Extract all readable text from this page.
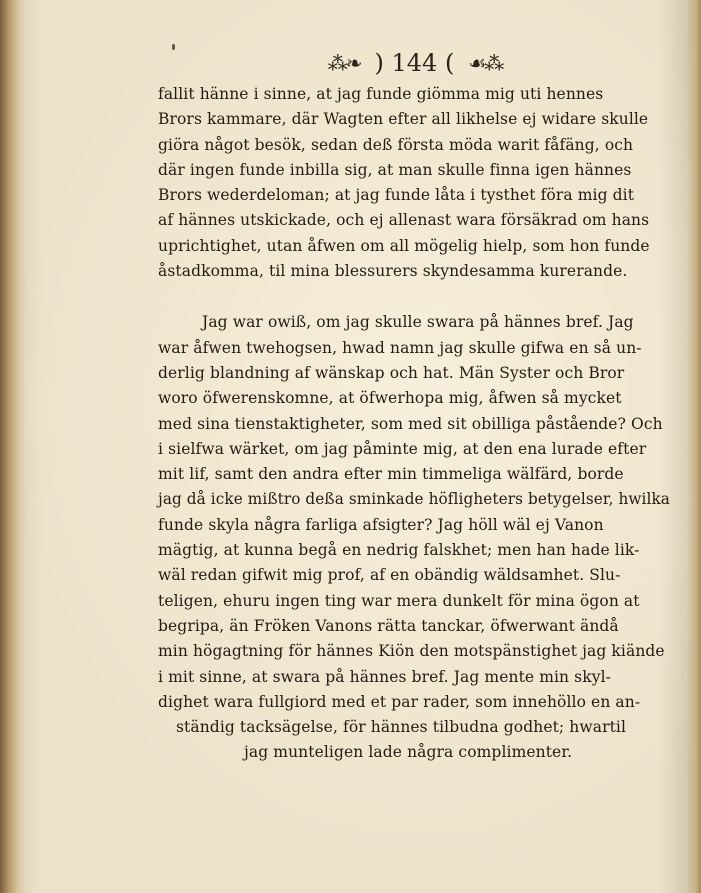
⁂❧ ) 144 ( ☙⁂
fallit hänne i sinne, at jag funde giömma mig uti hennes
Brors kammare, där Wagten efter all likhelse ej widare skulle
giöra något besök, sedan deß första möda warit fåfäng, och
där ingen funde inbilla sig, at man skulle finna igen hännes
Brors wederdeloman; at jag funde låta i tysthet föra mig dit
af hännes utskickade, och ej allenast wara försäkrad om hans
uprichtighet, utan åfwen om all mögelig hielp, som hon funde
åstadkomma, til mina blessurers skyndesamma kurerande.
Jag war owiß, om jag skulle swara på hännes bref. Jag
war åfwen twehogsen, hwad namn jag skulle gifwa en så un-
derlig blandning af wänskap och hat. Män Syster och Bror
woro öfwerenskomne, at öfwerhopa mig, åfwen så mycket
med sina tienstaktigheter, som med sit obilliga påstående? Och
i sielfwa wärket, om jag påminte mig, at den ena lurade efter
mit lif, samt den andra efter min timmeliga wälfärd, borde
jag då icke mißtro deßa sminkade höfligheters betygelser, hwilka
funde skyla några farliga afsigter? Jag höll wäl ej Vanon
mägtig, at kunna begå en nedrig falskhet; men han hade lik-
wäl redan gifwit mig prof, af en obändig wäldsamhet. Slu-
teligen, ehuru ingen ting war mera dunkelt för mina ögon at
begripa, än Fröken Vanons rätta tanckar, öfwerwant ändå
min högagtning för hännes Kiön den motspänstighet jag kiände
i mit sinne, at swara på hännes bref. Jag mente min skyl-
dighet wara fullgiord med et par rader, som innehöllo en an-
ständig tacksägelse, för hännes tilbudna godhet; hwartil
jag munteligen lade några complimenter.
